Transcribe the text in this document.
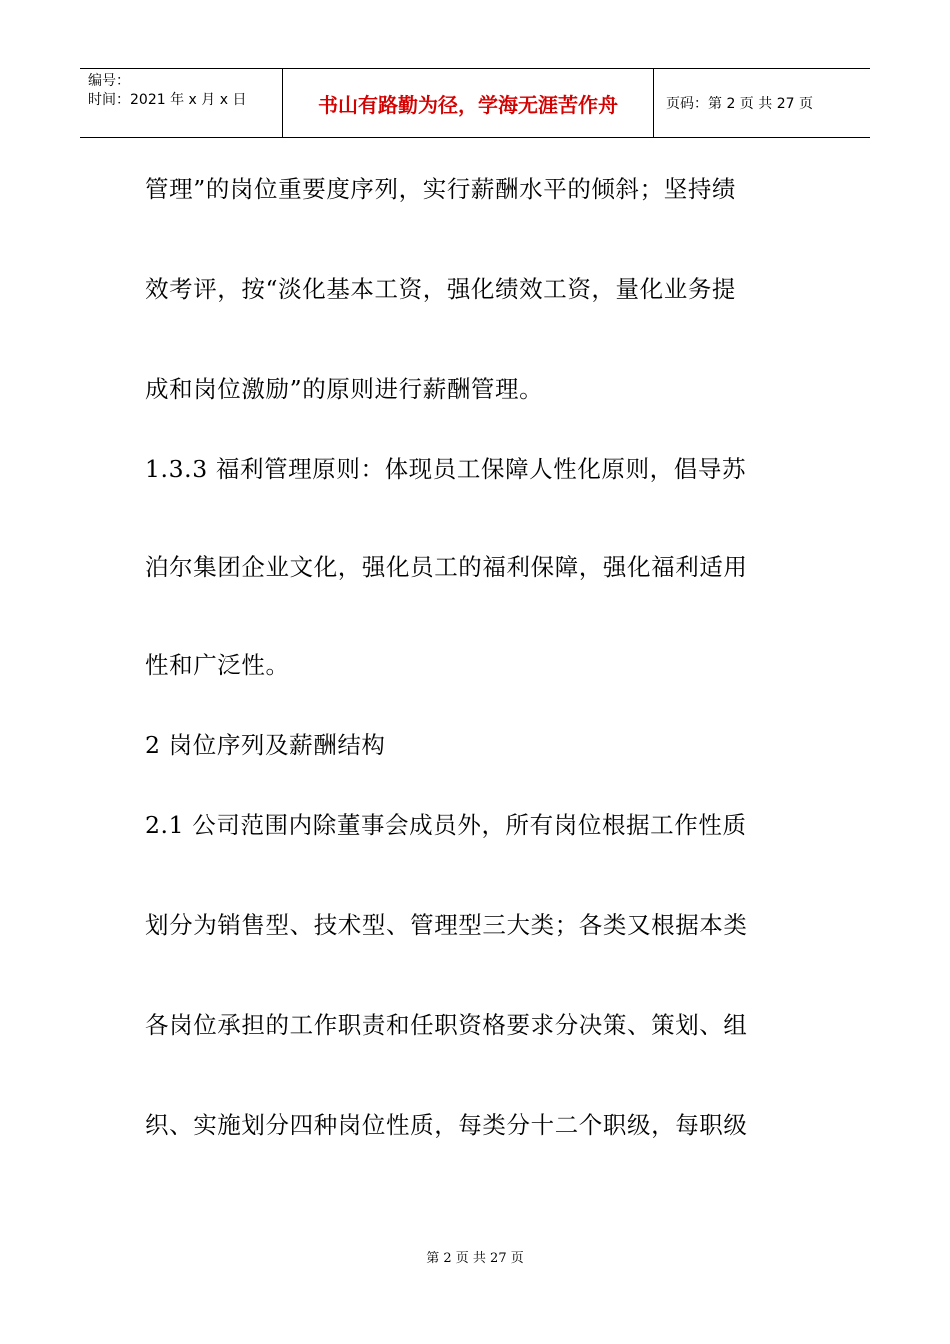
编号：
时间：2021 年 x 月 x 日	书山有路勤为径，学海无涯苦作舟	页码：第 2 页 共 27 页
管理”的岗位重要度序列，实行薪酬水平的倾斜；坚持绩
效考评，按“淡化基本工资，强化绩效工资，量化业务提
成和岗位激励”的原则进行薪酬管理。
1.3.3 福利管理原则：体现员工保障人性化原则，倡导苏
泊尔集团企业文化，强化员工的福利保障，强化福利适用
性和广泛性。
2 岗位序列及薪酬结构
2.1 公司范围内除董事会成员外，所有岗位根据工作性质
划分为销售型、技术型、管理型三大类；各类又根据本类
各岗位承担的工作职责和任职资格要求分决策、策划、组
织、实施划分四种岗位性质，每类分十二个职级，每职级
第 2 页 共 27 页
